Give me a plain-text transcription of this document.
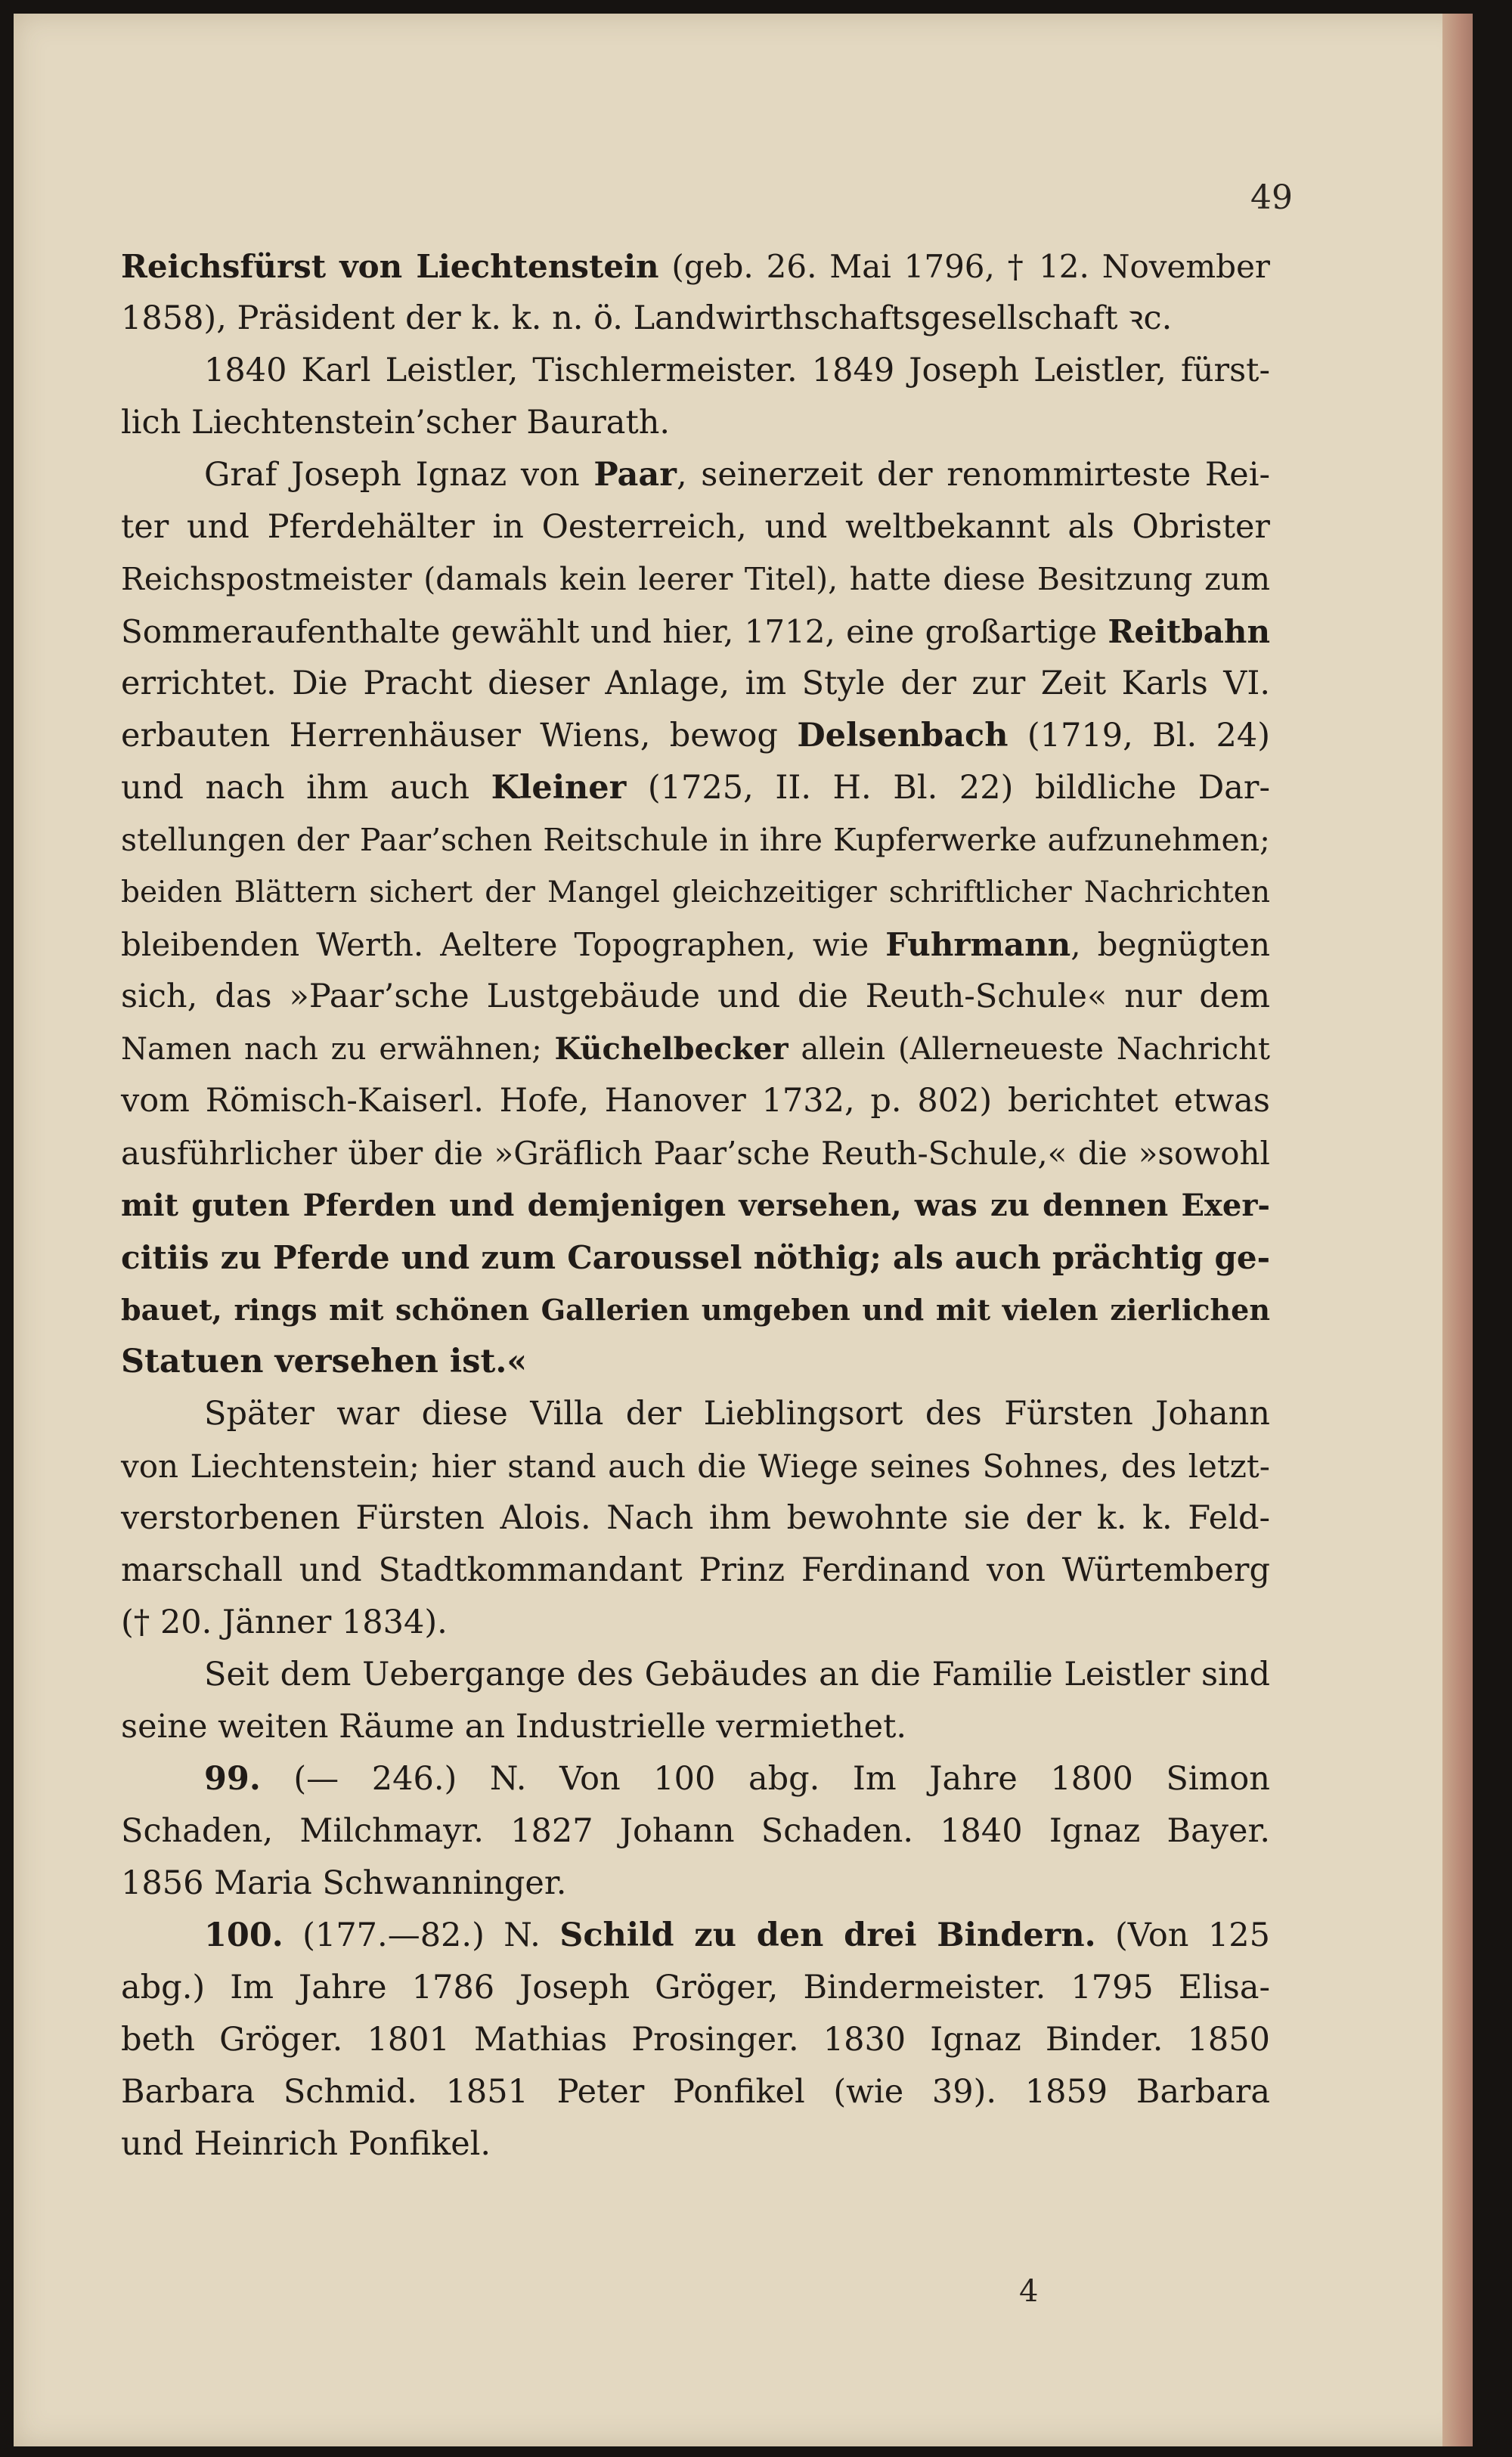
49
Reichsfürst von Liechtenstein (geb. 26. Mai 1796, † 12. November
1858), Präsident der k. k. n. ö. Landwirthschaftsgesellschaft ꝛc.
1840 Karl Leistler, Tischlermeister. 1849 Joseph Leistler, fürst-
lich Liechtenstein’scher Baurath.
Graf Joseph Ignaz von Paar, seinerzeit der renommirteste Rei-
ter und Pferdehälter in Oesterreich, und weltbekannt als Obrister
Reichspostmeister (damals kein leerer Titel), hatte diese Besitzung zum
Sommeraufenthalte gewählt und hier, 1712, eine großartige Reitbahn
errichtet. Die Pracht dieser Anlage, im Style der zur Zeit Karls VI.
erbauten Herrenhäuser Wiens, bewog Delsenbach (1719, Bl. 24)
und nach ihm auch Kleiner (1725, II. H. Bl. 22) bildliche Dar-
stellungen der Paar’schen Reitschule in ihre Kupferwerke aufzunehmen;
beiden Blättern sichert der Mangel gleichzeitiger schriftlicher Nachrichten
bleibenden Werth. Aeltere Topographen, wie Fuhrmann, begnügten
sich, das »Paar’sche Lustgebäude und die Reuth-Schule« nur dem
Namen nach zu erwähnen; Küchelbecker allein (Allerneueste Nachricht
vom Römisch-Kaiserl. Hofe, Hanover 1732, p. 802) berichtet etwas
ausführlicher über die »Gräflich Paar’sche Reuth-Schule,« die »sowohl
mit guten Pferden und demjenigen versehen, was zu dennen Exer-
citiis zu Pferde und zum Caroussel nöthig; als auch prächtig ge-
bauet, rings mit schönen Gallerien umgeben und mit vielen zierlichen
Statuen versehen ist.«
Später war diese Villa der Lieblingsort des Fürsten Johann
von Liechtenstein; hier stand auch die Wiege seines Sohnes, des letzt-
verstorbenen Fürsten Alois. Nach ihm bewohnte sie der k. k. Feld-
marschall und Stadtkommandant Prinz Ferdinand von Würtemberg
(† 20. Jänner 1834).
Seit dem Uebergange des Gebäudes an die Familie Leistler sind
seine weiten Räume an Industrielle vermiethet.
99. (— 246.) N. Von 100 abg. Im Jahre 1800 Simon
Schaden, Milchmayr. 1827 Johann Schaden. 1840 Ignaz Bayer.
1856 Maria Schwanninger.
100. (177.—82.) N. Schild zu den drei Bindern. (Von 125
abg.) Im Jahre 1786 Joseph Gröger, Bindermeister. 1795 Elisa-
beth Gröger. 1801 Mathias Prosinger. 1830 Ignaz Binder. 1850
Barbara Schmid. 1851 Peter Ponfikel (wie 39). 1859 Barbara
und Heinrich Ponfikel.
4
